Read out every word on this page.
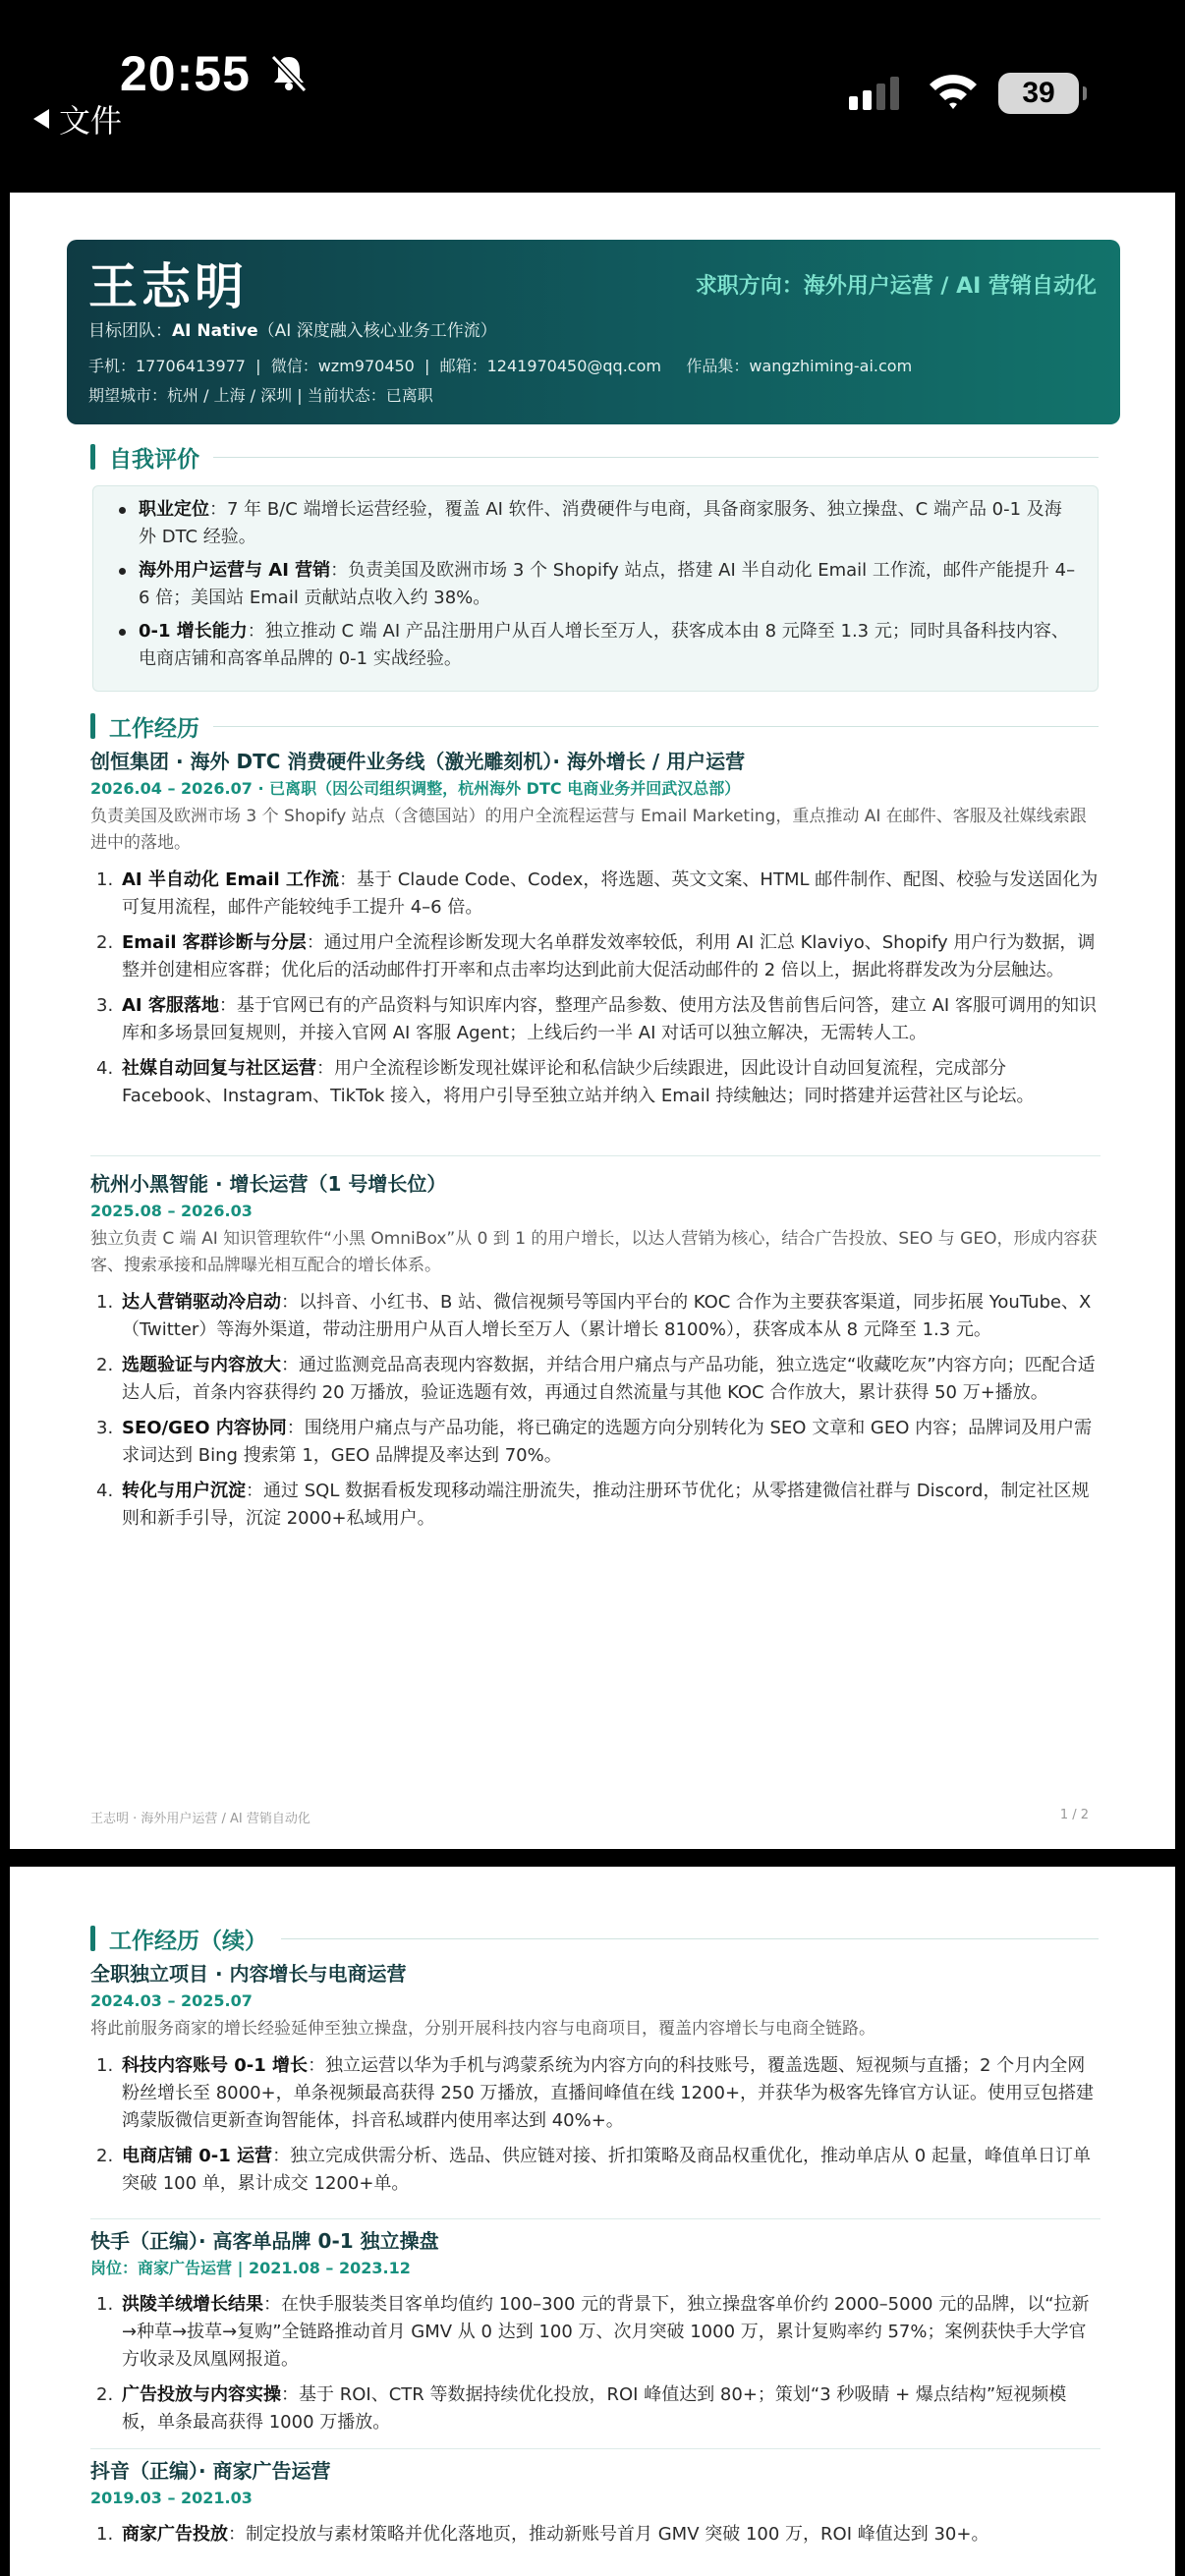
20:55
文件
39
王志明	求职方向：海外用户运营 / AI 营销自动化
目标团队：AI Native（AI 深度融入核心业务工作流）
手机：17706413977  |  微信：wzm970450  |  邮箱：1241970450@qq.com     作品集：wangzhiming-ai.com
期望城市：杭州 / 上海 / 深圳 | 当前状态：已离职
自我评价
职业定位：7 年 B/C 端增长运营经验，覆盖 AI 软件、消费硬件与电商，具备商家服务、独立操盘、C 端产品 0-1 及海外 DTC 经验。
海外用户运营与 AI 营销：负责美国及欧洲市场 3 个 Shopify 站点，搭建 AI 半自动化 Email 工作流，邮件产能提升 4–6 倍；美国站 Email 贡献站点收入约 38%。
0-1 增长能力：独立推动 C 端 AI 产品注册用户从百人增长至万人，获客成本由 8 元降至 1.3 元；同时具备科技内容、电商店铺和高客单品牌的 0-1 实战经验。
工作经历
创恒集团 · 海外 DTC 消费硬件业务线（激光雕刻机）· 海外增长 / 用户运营
2026.04 – 2026.07 · 已离职（因公司组织调整，杭州海外 DTC 电商业务并回武汉总部）
负责美国及欧洲市场 3 个 Shopify 站点（含德国站）的用户全流程运营与 Email Marketing，重点推动 AI 在邮件、客服及社媒线索跟进中的落地。
1. AI 半自动化 Email 工作流：基于 Claude Code、Codex，将选题、英文文案、HTML 邮件制作、配图、校验与发送固化为可复用流程，邮件产能较纯手工提升 4–6 倍。
2. Email 客群诊断与分层：通过用户全流程诊断发现大名单群发效率较低，利用 AI 汇总 Klaviyo、Shopify 用户行为数据，调整并创建相应客群；优化后的活动邮件打开率和点击率均达到此前大促活动邮件的 2 倍以上，据此将群发改为分层触达。
3. AI 客服落地：基于官网已有的产品资料与知识库内容，整理产品参数、使用方法及售前售后问答，建立 AI 客服可调用的知识库和多场景回复规则，并接入官网 AI 客服 Agent；上线后约一半 AI 对话可以独立解决，无需转人工。
4. 社媒自动回复与社区运营：用户全流程诊断发现社媒评论和私信缺少后续跟进，因此设计自动回复流程，完成部分 Facebook、Instagram、TikTok 接入，将用户引导至独立站并纳入 Email 持续触达；同时搭建并运营社区与论坛。
杭州小黑智能 · 增长运营（1 号增长位）
2025.08 – 2026.03
独立负责 C 端 AI 知识管理软件“小黑 OmniBox”从 0 到 1 的用户增长，以达人营销为核心，结合广告投放、SEO 与 GEO，形成内容获客、搜索承接和品牌曝光相互配合的增长体系。
1. 达人营销驱动冷启动：以抖音、小红书、B 站、微信视频号等国内平台的 KOC 合作为主要获客渠道，同步拓展 YouTube、X（Twitter）等海外渠道，带动注册用户从百人增长至万人（累计增长 8100%），获客成本从 8 元降至 1.3 元。
2. 选题验证与内容放大：通过监测竞品高表现内容数据，并结合用户痛点与产品功能，独立选定“收藏吃灰”内容方向；匹配合适达人后，首条内容获得约 20 万播放，验证选题有效，再通过自然流量与其他 KOC 合作放大，累计获得 50 万+播放。
3. SEO/GEO 内容协同：围绕用户痛点与产品功能，将已确定的选题方向分别转化为 SEO 文章和 GEO 内容；品牌词及用户需求词达到 Bing 搜索第 1，GEO 品牌提及率达到 70%。
4. 转化与用户沉淀：通过 SQL 数据看板发现移动端注册流失，推动注册环节优化；从零搭建微信社群与 Discord，制定社区规则和新手引导，沉淀 2000+私域用户。
王志明 · 海外用户运营 / AI 营销自动化	1 / 2
工作经历（续）
全职独立项目 · 内容增长与电商运营
2024.03 – 2025.07
将此前服务商家的增长经验延伸至独立操盘，分别开展科技内容与电商项目，覆盖内容增长与电商全链路。
1. 科技内容账号 0-1 增长：独立运营以华为手机与鸿蒙系统为内容方向的科技账号，覆盖选题、短视频与直播；2 个月内全网粉丝增长至 8000+，单条视频最高获得 250 万播放，直播间峰值在线 1200+，并获华为极客先锋官方认证。使用豆包搭建鸿蒙版微信更新查询智能体，抖音私域群内使用率达到 40%+。
2. 电商店铺 0-1 运营：独立完成供需分析、选品、供应链对接、折扣策略及商品权重优化，推动单店从 0 起量，峰值单日订单突破 100 单，累计成交 1200+单。
快手（正编）· 高客单品牌 0-1 独立操盘
岗位：商家广告运营 | 2021.08 – 2023.12
1. 洪陵羊绒增长结果：在快手服装类目客单均值约 100–300 元的背景下，独立操盘客单价约 2000–5000 元的品牌，以“拉新→种草→拔草→复购”全链路推动首月 GMV 从 0 达到 100 万、次月突破 1000 万，累计复购率约 57%；案例获快手大学官方收录及凤凰网报道。
2. 广告投放与内容实操：基于 ROI、CTR 等数据持续优化投放，ROI 峰值达到 80+；策划“3 秒吸睛 + 爆点结构”短视频模板，单条最高获得 1000 万播放。
抖音（正编）· 商家广告运营
2019.03 – 2021.03
1. 商家广告投放：制定投放与素材策略并优化落地页，推动新账号首月 GMV 突破 100 万，ROI 峰值达到 30+。
